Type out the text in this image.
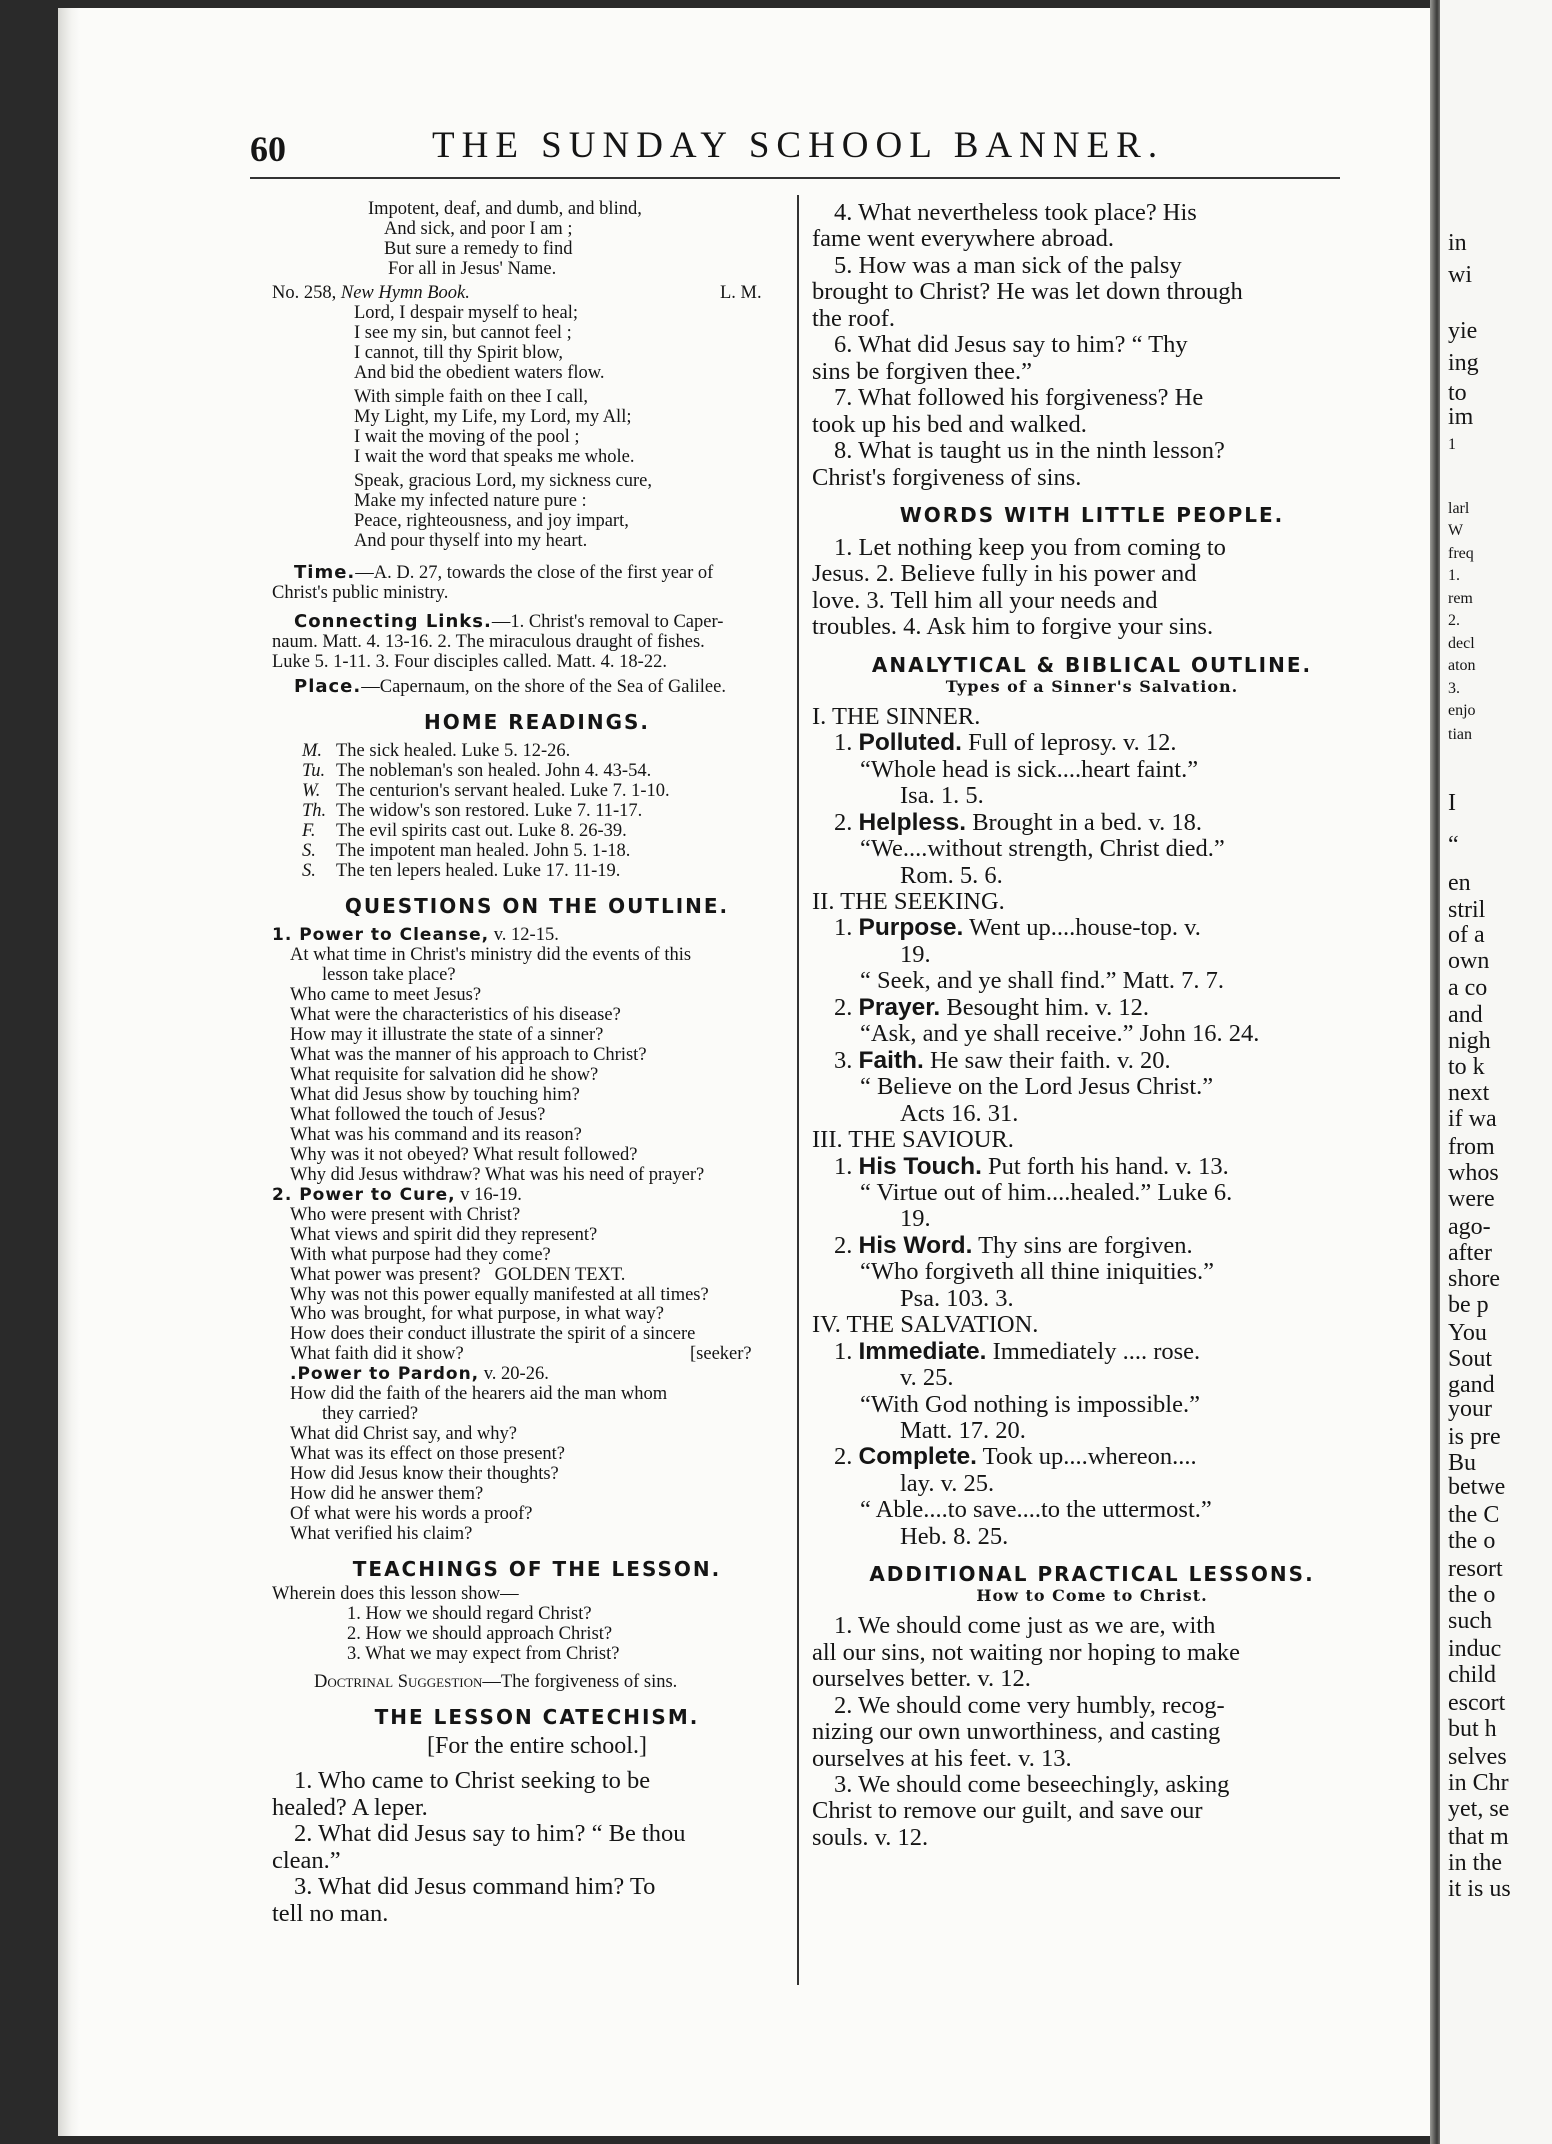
60	THE SUNDAY SCHOOL BANNER.
Impotent, deaf, and dumb, and blind,
And sick, and poor I am ;
But sure a remedy to find
For all in Jesus' Name.
No. 258, New Hymn Book.	L. M.
Lord, I despair myself to heal;
I see my sin, but cannot feel ;
I cannot, till thy Spirit blow,
And bid the obedient waters flow.
With simple faith on thee I call,
My Light, my Life, my Lord, my All;
I wait the moving of the pool ;
I wait the word that speaks me whole.
Speak, gracious Lord, my sickness cure,
Make my infected nature pure :
Peace, righteousness, and joy impart,
And pour thyself into my heart.
Time.—A. D. 27, towards the close of the first year of
Christ's public ministry.
Connecting Links.—1. Christ's removal to Caper-
naum. Matt. 4. 13-16. 2. The miraculous draught of fishes.
Luke 5. 1-11. 3. Four disciples called. Matt. 4. 18-22.
Place.—Capernaum, on the shore of the Sea of Galilee.
HOME READINGS.
M. The sick healed. Luke 5. 12-26.
Tu. The nobleman's son healed. John 4. 43-54.
W. The centurion's servant healed. Luke 7. 1-10.
Th. The widow's son restored. Luke 7. 11-17.
F. The evil spirits cast out. Luke 8. 26-39.
S. The impotent man healed. John 5. 1-18.
S. The ten lepers healed. Luke 17. 11-19.
QUESTIONS ON THE OUTLINE.
1. Power to Cleanse, v. 12-15.
At what time in Christ's ministry did the events of this
lesson take place?
Who came to meet Jesus?
What were the characteristics of his disease?
How may it illustrate the state of a sinner?
What was the manner of his approach to Christ?
What requisite for salvation did he show?
What did Jesus show by touching him?
What followed the touch of Jesus?
What was his command and its reason?
Why was it not obeyed? What result followed?
Why did Jesus withdraw? What was his need of prayer?
2. Power to Cure, v 16-19.
Who were present with Christ?
What views and spirit did they represent?
With what purpose had they come?
What power was present? GOLDEN TEXT.
Why was not this power equally manifested at all times?
Who was brought, for what purpose, in what way?
How does their conduct illustrate the spirit of a sincere
What faith did it show?	[seeker?
.Power to Pardon, v. 20-26.
How did the faith of the hearers aid the man whom
they carried?
What did Christ say, and why?
What was its effect on those present?
How did Jesus know their thoughts?
How did he answer them?
Of what were his words a proof?
What verified his claim?
TEACHINGS OF THE LESSON.
Wherein does this lesson show—
1. How we should regard Christ?
2. How we should approach Christ?
3. What we may expect from Christ?
Doctrinal Suggestion—The forgiveness of sins.
THE LESSON CATECHISM.
[For the entire school.]
1. Who came to Christ seeking to be
healed? A leper.
2. What did Jesus say to him? “ Be thou
clean.”
3. What did Jesus command him? To
tell no man.
4. What nevertheless took place? His
fame went everywhere abroad.
5. How was a man sick of the palsy
brought to Christ? He was let down through
the roof.
6. What did Jesus say to him? “ Thy
sins be forgiven thee.”
7. What followed his forgiveness? He
took up his bed and walked.
8. What is taught us in the ninth lesson?
Christ's forgiveness of sins.
WORDS WITH LITTLE PEOPLE.
1. Let nothing keep you from coming to
Jesus. 2. Believe fully in his power and
love. 3. Tell him all your needs and
troubles. 4. Ask him to forgive your sins.
ANALYTICAL & BIBLICAL OUTLINE.
Types of a Sinner's Salvation.
I. THE SINNER.
1. Polluted. Full of leprosy. v. 12.
“Whole head is sick....heart faint.”
Isa. 1. 5.
2. Helpless. Brought in a bed. v. 18.
“We....without strength, Christ died.”
Rom. 5. 6.
II. THE SEEKING.
1. Purpose. Went up....house-top. v.
19.
“ Seek, and ye shall find.” Matt. 7. 7.
2. Prayer. Besought him. v. 12.
“Ask, and ye shall receive.” John 16. 24.
3. Faith. He saw their faith. v. 20.
“ Believe on the Lord Jesus Christ.”
Acts 16. 31.
III. THE SAVIOUR.
1. His Touch. Put forth his hand. v. 13.
“ Virtue out of him....healed.” Luke 6.
19.
2. His Word. Thy sins are forgiven.
“Who forgiveth all thine iniquities.”
Psa. 103. 3.
IV. THE SALVATION.
1. Immediate. Immediately .... rose.
v. 25.
“With God nothing is impossible.”
Matt. 17. 20.
2. Complete. Took up....whereon....
lay. v. 25.
“ Able....to save....to the uttermost.”
Heb. 8. 25.
ADDITIONAL PRACTICAL LESSONS.
How to Come to Christ.
1. We should come just as we are, with
all our sins, not waiting nor hoping to make
ourselves better. v. 12.
2. We should come very humbly, recog-
nizing our own unworthiness, and casting
ourselves at his feet. v. 13.
3. We should come beseechingly, asking
Christ to remove our guilt, and save our
souls. v. 12.
in
wi
yie
ing
to
im
1
larl
W
freq
1.
rem
2.
decl
aton
3.
enjo
tian
I
“
en
stril
of a
own
a co
and
nigh
to k
next
if wa
from
whos
were
ago-
after
shore
be p
You
Sout
gand
your
is pre
Bu
betwe
the C
the o
resort
the o
such
induc
child
escort
but h
selves
in Chr
yet, se
that m
in the
it is us
